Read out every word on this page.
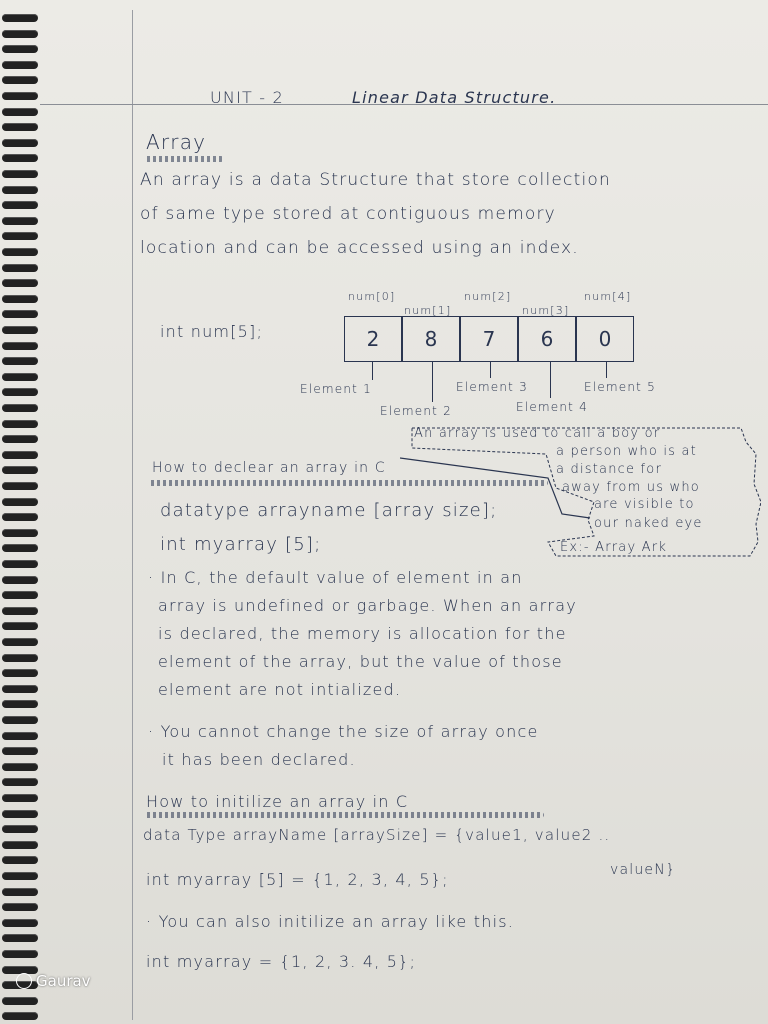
UNIT - 2	Linear Data Structure.
Array
An array is a data Structure that store collection
of same type stored at contiguous memory
location and can be accessed using an index.
int num[5];
num[0]
num[1]
num[2]
num[3]
num[4]
2	8	7	6	0
Element 1
Element 2
Element 3
Element 4
Element 5
An array is used to call a boy or
a person who is at
a distance for
away from us who
are visible to
our naked eye
Ex:- Array Ark
How to declear an array in C
datatype arrayname [array size];
int myarray [5];
· In C, the default value of element in an
array is undefined or garbage. When an array
is declared, the memory is allocation for the
element of the array, but the value of those
element are not intialized.
· You cannot change the size of array once
it has been declared.
How to initilize an array in C
data Type arrayName [arraySize] = {value1, value2 ..
valueN}
int myarray [5] = {1, 2, 3, 4, 5};
· You can also initilize an array like this.
int myarray = {1, 2, 3. 4, 5};
Gaurav
